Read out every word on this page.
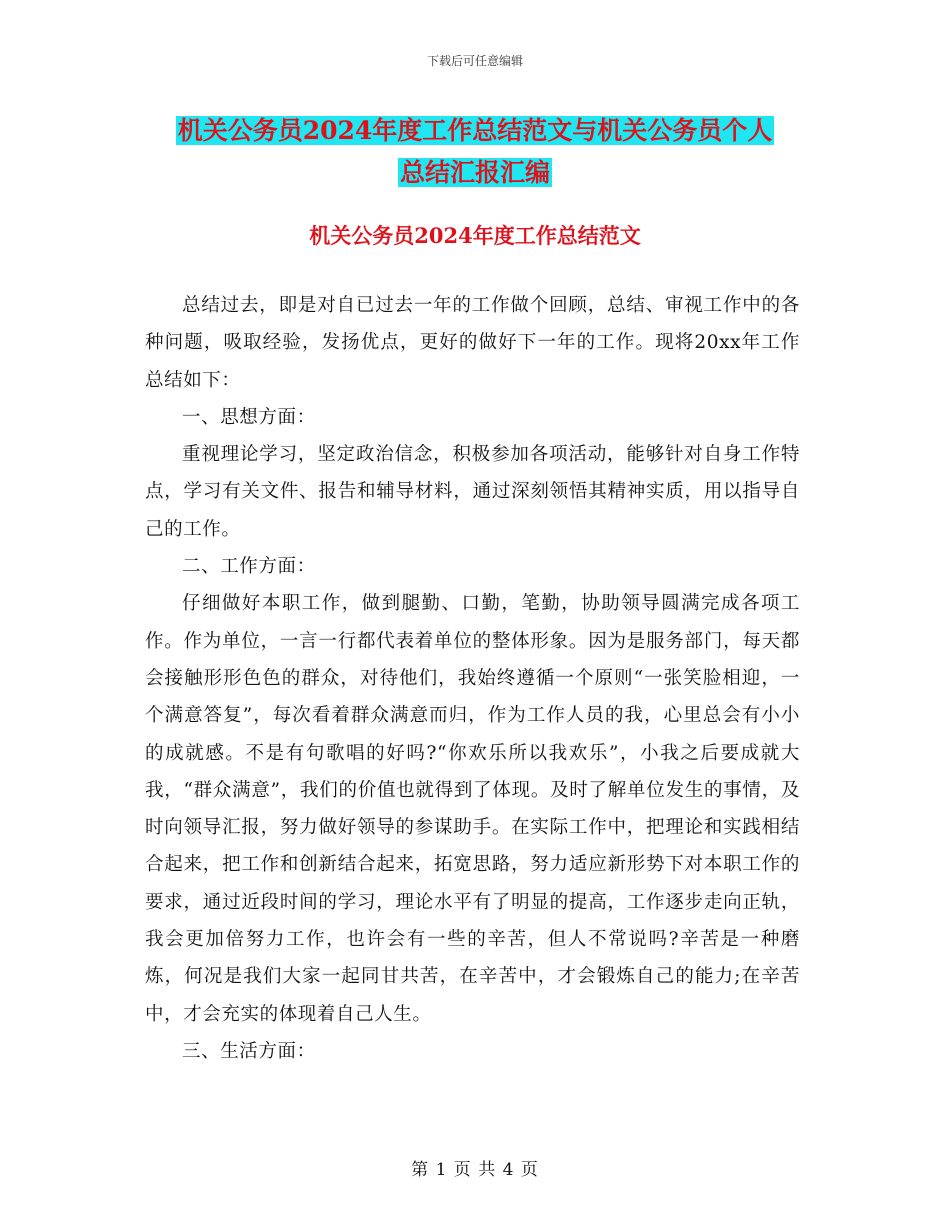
下载后可任意编辑
机关公务员2024年度工作总结范文与机关公务员个人
总结汇报汇编
机关公务员2024年度工作总结范文

总结过去，即是对自已过去一年的工作做个回顾，总结、审视工作中的各种问题，吸取经验，发扬优点，更好的做好下一年的工作。现将20xx年工作总结如下：

一、思想方面：

重视理论学习，坚定政治信念，积极参加各项活动，能够针对自身工作特点，学习有关文件、报告和辅导材料，通过深刻领悟其精神实质，用以指导自己的工作。

二、工作方面：

仔细做好本职工作，做到腿勤、口勤，笔勤，协助领导圆满完成各项工作。作为单位，一言一行都代表着单位的整体形象。因为是服务部门，每天都会接触形形色色的群众，对待他们，我始终遵循一个原则“一张笑脸相迎，一个满意答复”，每次看着群众满意而归，作为工作人员的我，心里总会有小小的成就感。不是有句歌唱的好吗?“你欢乐所以我欢乐”，小我之后要成就大我，“群众满意”，我们的价值也就得到了体现。及时了解单位发生的事情，及时向领导汇报，努力做好领导的参谋助手。在实际工作中，把理论和实践相结合起来，把工作和创新结合起来，拓宽思路，努力适应新形势下对本职工作的要求，通过近段时间的学习，理论水平有了明显的提高，工作逐步走向正轨，我会更加倍努力工作，也许会有一些的辛苦，但人不常说吗?辛苦是一种磨炼，何况是我们大家一起同甘共苦，在辛苦中，才会锻炼自己的能力;在辛苦中，才会充实的体现着自己人生。

三、生活方面：

第 1 页 共 4 页
